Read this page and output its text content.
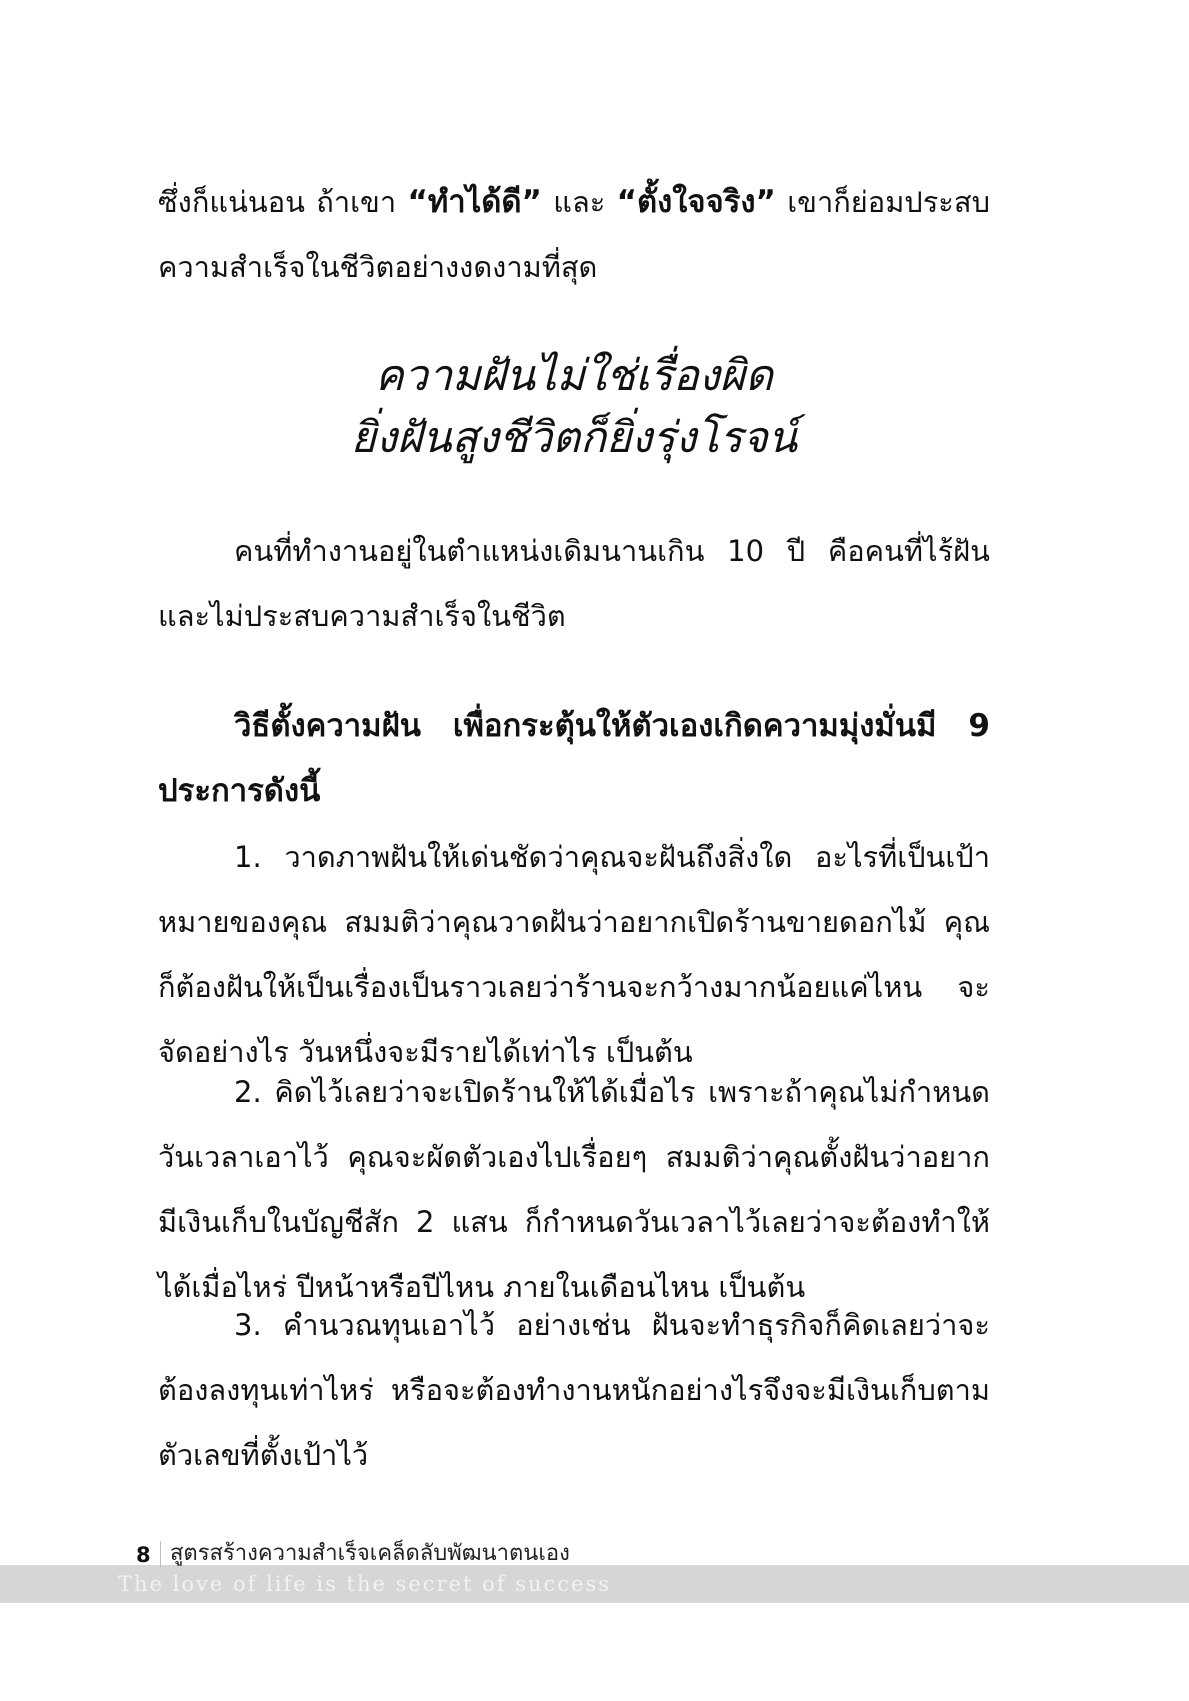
ซึ่งก็แน่นอน ถ้าเขา “ทำได้ดี” และ “ตั้งใจจริง” เขาก็ย่อมประสบความสำเร็จในชีวิตอย่างงดงามที่สุด

ความฝันไม่ใช่เรื่องผิด
ยิ่งฝันสูงชีวิตก็ยิ่งรุ่งโรจน์

คนที่ทำงานอยู่ในตำแหน่งเดิมนานเกิน 10 ปี คือคนที่ไร้ฝันและไม่ประสบความสำเร็จในชีวิต

วิธีตั้งความฝัน เพื่อกระตุ้นให้ตัวเองเกิดความมุ่งมั่นมี 9 ประการดังนี้

1. วาดภาพฝันให้เด่นชัดว่าคุณจะฝันถึงสิ่งใด อะไรที่เป็นเป้าหมายของคุณ สมมติว่าคุณวาดฝันว่าอยากเปิดร้านขายดอกไม้ คุณก็ต้องฝันให้เป็นเรื่องเป็นราวเลยว่าร้านจะกว้างมากน้อยแค่ไหน จะจัดอย่างไร วันหนึ่งจะมีรายได้เท่าไร เป็นต้น

2. คิดไว้เลยว่าจะเปิดร้านให้ได้เมื่อไร เพราะถ้าคุณไม่กำหนดวันเวลาเอาไว้ คุณจะผัดตัวเองไปเรื่อยๆ สมมติว่าคุณตั้งฝันว่าอยากมีเงินเก็บในบัญชีสัก 2 แสน ก็กำหนดวันเวลาไว้เลยว่าจะต้องทำให้ได้เมื่อไหร่ ปีหน้าหรือปีไหน ภายในเดือนไหน เป็นต้น

3. คำนวณทุนเอาไว้ อย่างเช่น ฝันจะทำธุรกิจก็คิดเลยว่าจะต้องลงทุนเท่าไหร่ หรือจะต้องทำงานหนักอย่างไรจึงจะมีเงินเก็บตามตัวเลขที่ตั้งเป้าไว้

8 สูตรสร้างความสำเร็จเคล็ดลับพัฒนาตนเอง
The love of life is the secret of success
